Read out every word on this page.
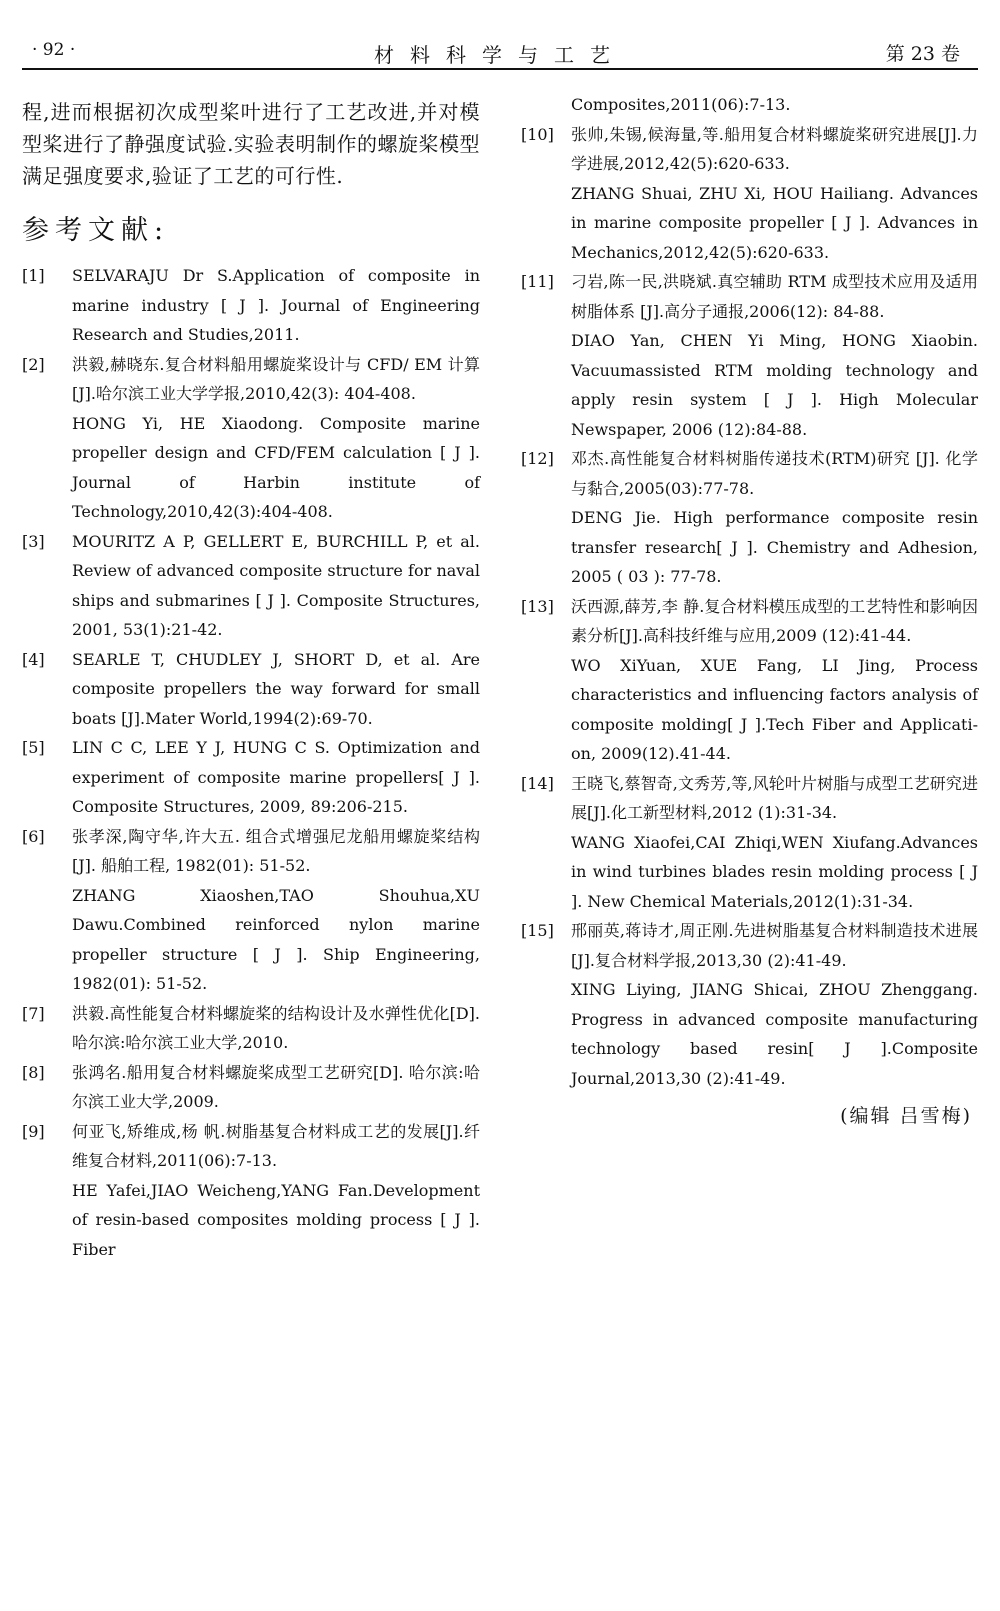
· 92 ·	材料科学与工艺	第 23 卷

程,进而根据初次成型桨叶进行了工艺改进,并对模型桨进行了静强度试验.实验表明制作的螺旋桨模型满足强度要求,验证了工艺的可行性.

参考文献:
[1]	SELVARAJU Dr S.Application of composite in marine industry [ J ]. Journal of Engineering Research and Studies,2011.

[2]	洪毅,赫晓东.复合材料船用螺旋桨设计与 CFD/ EM 计算[J].哈尔滨工业大学学报,2010,42(3): 404-408.

HONG Yi, HE Xiaodong. Composite marine propeller design and CFD/FEM calculation [ J ]. Journal of Harbin institute of Technology,2010,42(3):404-408.

[3]	MOURITZ A P, GELLERT E, BURCHILL P, et al. Review of advanced composite structure for naval ships and submarines [ J ]. Composite Structures, 2001, 53(1):21-42.

[4]	SEARLE T, CHUDLEY J, SHORT D, et al. Are composite propellers the way forward for small boats [J].Mater World,1994(2):69-70.

[5]	LIN C C, LEE Y J, HUNG C S. Optimization and experiment of composite marine propellers[ J ]. Composite Structures, 2009, 89:206-215.

[6]	张孝深,陶守华,许大五. 组合式增强尼龙船用螺旋桨结构[J]. 船舶工程, 1982(01): 51-52.

ZHANG Xiaoshen,TAO Shouhua,XU Dawu.Combined reinforced nylon marine propeller structure [ J ]. Ship Engineering, 1982(01): 51-52.

[7]	洪毅.高性能复合材料螺旋桨的结构设计及水弹性优化[D]. 哈尔滨:哈尔滨工业大学,2010.

[8]	张鸿名.船用复合材料螺旋桨成型工艺研究[D]. 哈尔滨:哈尔滨工业大学,2009.

[9]	何亚飞,矫维成,杨 帆.树脂基复合材料成工艺的发展[J].纤维复合材料,2011(06):7-13.

HE Yafei,JIAO Weicheng,YANG Fan.Development of resin-based composites molding process [ J ]. Fiber

Composites,2011(06):7-13.

[10]	张帅,朱锡,候海量,等.船用复合材料螺旋桨研究进展[J].力学进展,2012,42(5):620-633.

ZHANG Shuai, ZHU Xi, HOU Hailiang. Advances in marine composite propeller [ J ]. Advances in Mechanics,2012,42(5):620-633.

[11]	刁岩,陈一民,洪晓斌.真空辅助 RTM 成型技术应用及适用树脂体系 [J].高分子通报,2006(12): 84-88.

DIAO Yan, CHEN Yi Ming, HONG Xiaobin. Vacuumassisted RTM molding technology and apply resin system [ J ]. High Molecular Newspaper, 2006 (12):84-88.

[12]	邓杰.高性能复合材料树脂传递技术(RTM)研究 [J]. 化学与黏合,2005(03):77-78.

DENG Jie. High performance composite resin transfer research[ J ]. Chemistry and Adhesion, 2005 ( 03 ): 77-78.

[13]	沃西源,薛芳,李 静.复合材料模压成型的工艺特性和影响因素分析[J].高科技纤维与应用,2009 (12):41-44.

WO XiYuan, XUE Fang, LI Jing, Process characteristics and influencing factors analysis of composite molding[ J ].Tech Fiber and Applicati-on, 2009(12).41-44.

[14]	王晓飞,蔡智奇,文秀芳,等,风轮叶片树脂与成型工艺研究进展[J].化工新型材料,2012 (1):31-34.

WANG Xiaofei,CAI Zhiqi,WEN Xiufang.Advances in wind turbines blades resin molding process [ J ]. New Chemical Materials,2012(1):31-34.

[15]	邢丽英,蒋诗才,周正刚.先进树脂基复合材料制造技术进展[J].复合材料学报,2013,30 (2):41-49.

XING Liying, JIANG Shicai, ZHOU Zhenggang. Progress in advanced composite manufacturing technology based resin[ J ].Composite Journal,2013,30 (2):41-49.

(编辑 吕雪梅)
